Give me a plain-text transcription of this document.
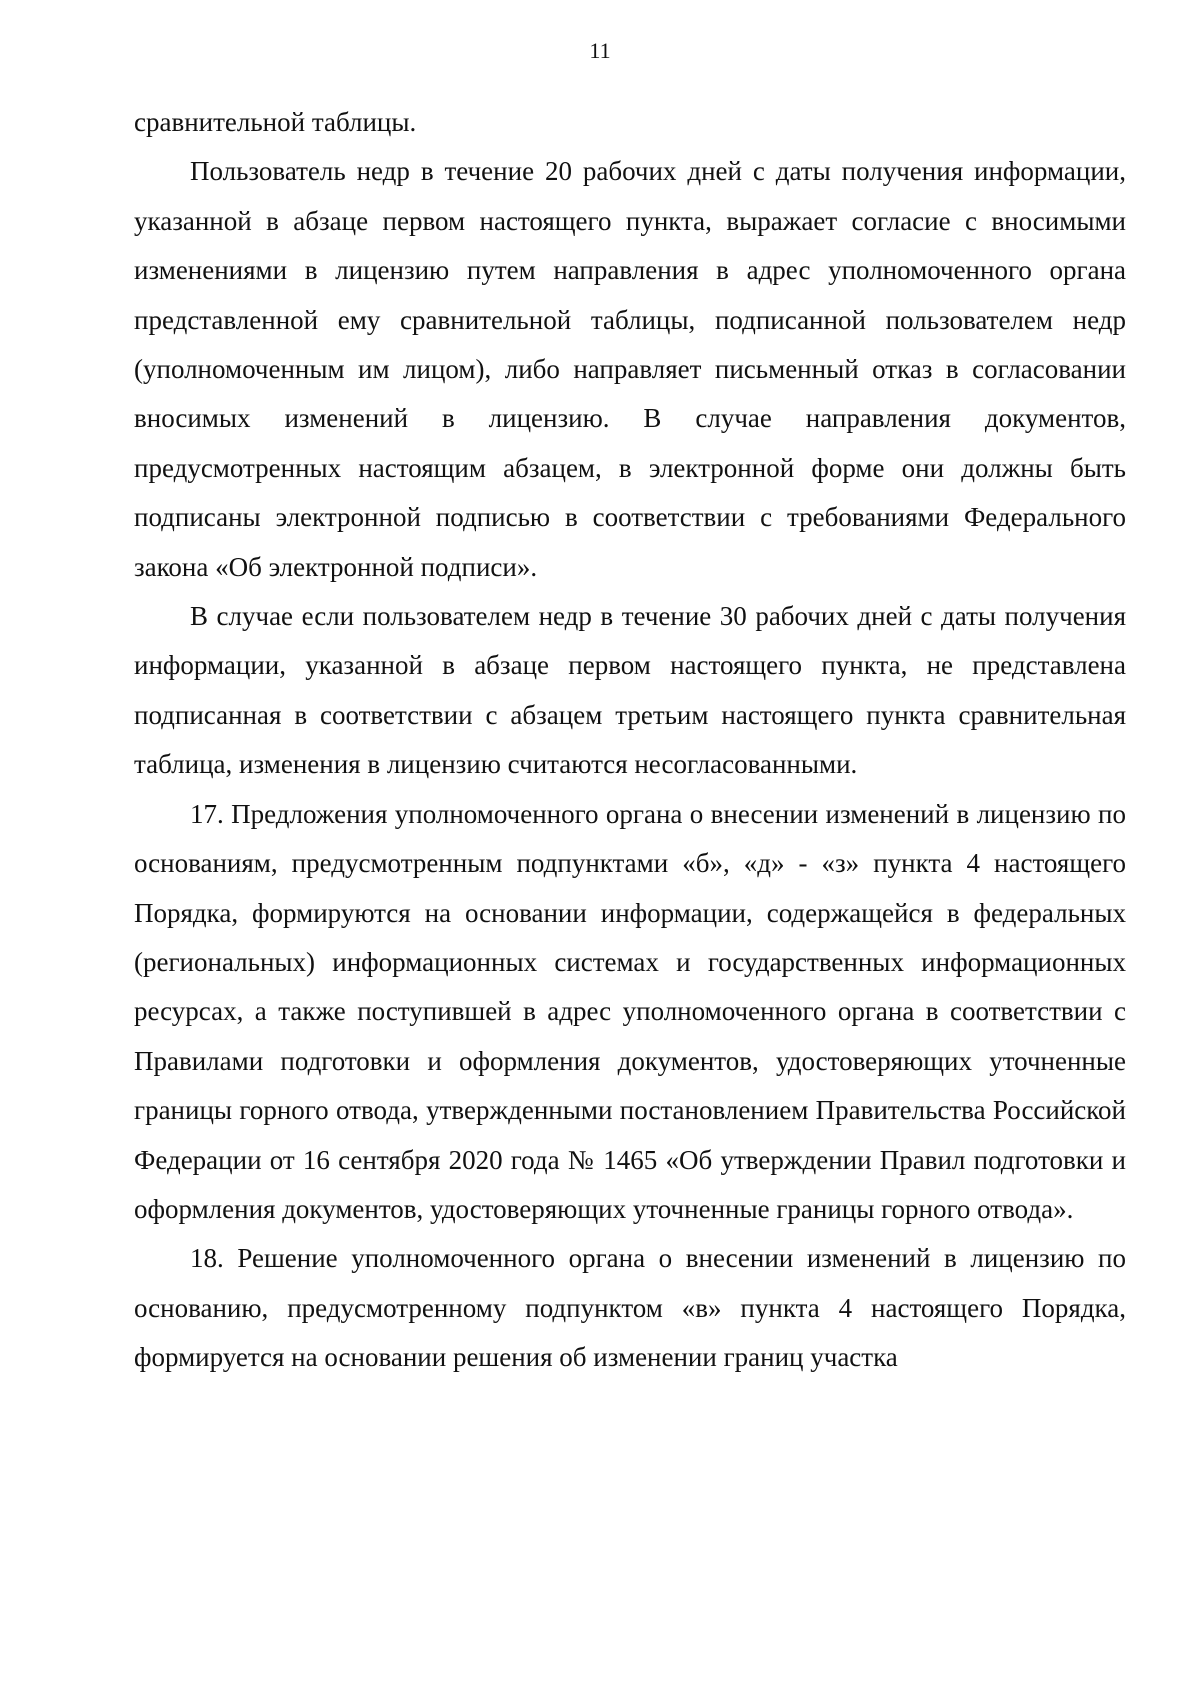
11

сравнительной таблицы.

Пользователь недр в течение 20 рабочих дней с даты получения информации, указанной в абзаце первом настоящего пункта, выражает согласие с вносимыми изменениями в лицензию путем направления в адрес уполномоченного органа представленной ему сравнительной таблицы, подписанной пользователем недр (уполномоченным им лицом), либо направляет письменный отказ в согласовании вносимых изменений в лицензию. В случае направления документов, предусмотренных настоящим абзацем, в электронной форме они должны быть подписаны электронной подписью в соответствии с требованиями Федерального закона «Об электронной подписи».

В случае если пользователем недр в течение 30 рабочих дней с даты получения информации, указанной в абзаце первом настоящего пункта, не представлена подписанная в соответствии с абзацем третьим настоящего пункта сравнительная таблица, изменения в лицензию считаются несогласованными.

17. Предложения уполномоченного органа о внесении изменений в лицензию по основаниям, предусмотренным подпунктами «б», «д» - «з» пункта 4 настоящего Порядка, формируются на основании информации, содержащейся в федеральных (региональных) информационных системах и государственных информационных ресурсах, а также поступившей в адрес уполномоченного органа в соответствии с Правилами подготовки и оформления документов, удостоверяющих уточненные границы горного отвода, утвержденными постановлением Правительства Российской Федерации от 16 сентября 2020 года № 1465 «Об утверждении Правил подготовки и оформления документов, удостоверяющих уточненные границы горного отвода».

18. Решение уполномоченного органа о внесении изменений в лицензию по основанию, предусмотренному подпунктом «в» пункта 4 настоящего Порядка, формируется на основании решения об изменении границ участка
